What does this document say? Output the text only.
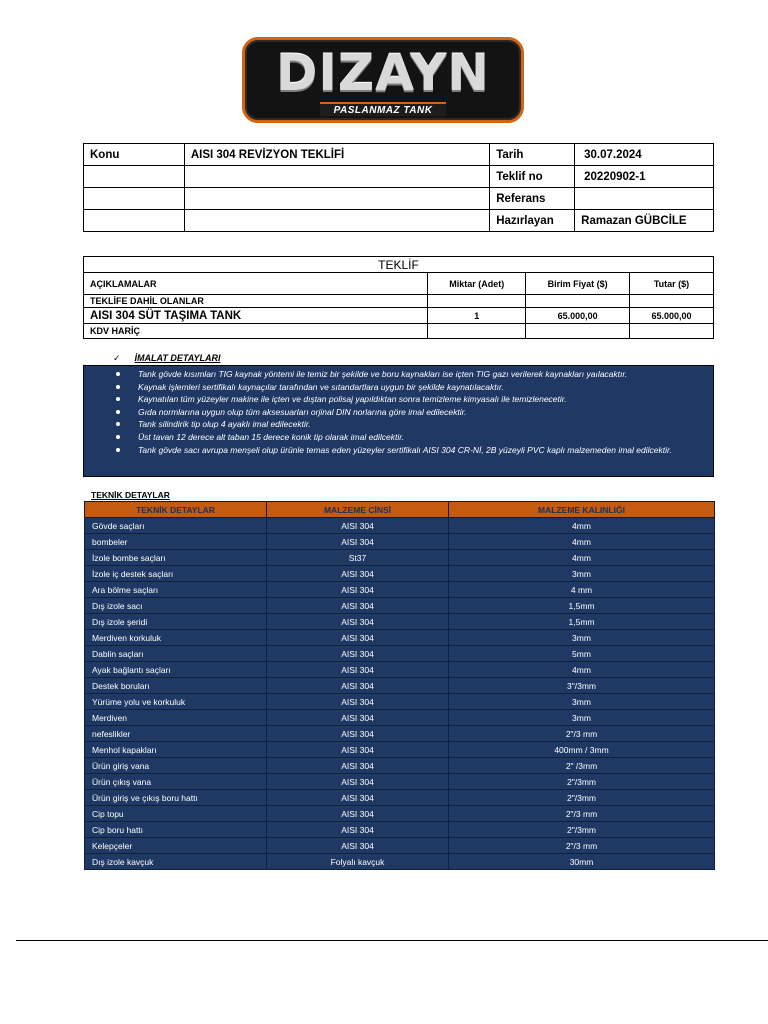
DIZAYN
PASLANMAZ TANK
Konu	AISI 304 REVİZYON TEKLİFİ	Tarih	30.07.2024
		Teklif no	20220902-1
		Referans	
		Hazırlayan	Ramazan GÜBCİLE
TEKLİF			
AÇIKLAMALAR	Miktar (Adet)	Birim Fiyat ($)	Tutar ($)
TEKLİFE DAHİL OLANLAR			
AISI 304 SÜT TAŞIMA TANK	1	65.000,00	65.000,00
KDV HARİÇ			
✓ İMALAT DETAYLARI
Tank gövde kısımları TIG kaynak yöntemi ile temiz bir şekilde ve boru kaynakları ise içten TIG gazı verilerek kaynakları yaılacaktır.
Kaynak işlemleri sertifikalı kaynaçılar tarafından ve sıtandartlara uygun bir şekilde kaynatılacaktır.
Kaynatılan tüm yüzeyler makine ile içten ve dıştan polisaj yapıldıktan sonra temizleme kimyasalı ile temizlenecetir.
Gıda normlarına uygun olup tüm aksesuarları orjinal DIN norlarına göre imal edilecektir.
Tank silindirik tip olup 4 ayaklı imal edilecektir.
Üst tavan 12 derece alt taban 15 derece konik tip olarak imal edilcektir.
Tank gövde sacı avrupa menşeli olup ürünle temas eden yüzeyler sertifikalı AISI 304 CR-Nİ, 2B yüzeyli PVC kaplı malzemeden imal edilcektir.
TEKNİK DETAYLAR
TEKNİK DETAYLAR	MALZEME CİNSİ	MALZEME KALINLIĞI
Gövde saçları	AISI 304	4mm
bombeler	AISI 304	4mm
İzole bombe saçları	St37	4mm
İzole iç destek saçları	AISI 304	3mm
Ara bölme saçları	AISI 304	4 mm
Dış izole sacı	AISI 304	1,5mm
Dış izole şeridi	AISI 304	1,5mm
Merdiven korkuluk	AISI 304	3mm
Dablin saçları	AISI 304	5mm
Ayak bağlantı saçları	AISI 304	4mm
Destek boruları	AISI 304	3"/3mm
Yürüme yolu ve korkuluk	AISI 304	3mm
Merdiven	AISI 304	3mm
nefeslikler	AISI 304	2"/3 mm
Menhol kapakları	AISI 304	400mm / 3mm
Ürün giriş vana	AISI 304	2" /3mm
Ürün çıkış vana	AISI 304	2"/3mm
Ürün giriş ve çıkış boru hattı	AISI 304	2"/3mm
Cip topu	AISI 304	2"/3 mm
Cip boru hattı	AISI 304	2"/3mm
Kelepçeler	AISI 304	2"/3 mm
Dış izole kavçuk	Folyalı kavçuk	30mm
